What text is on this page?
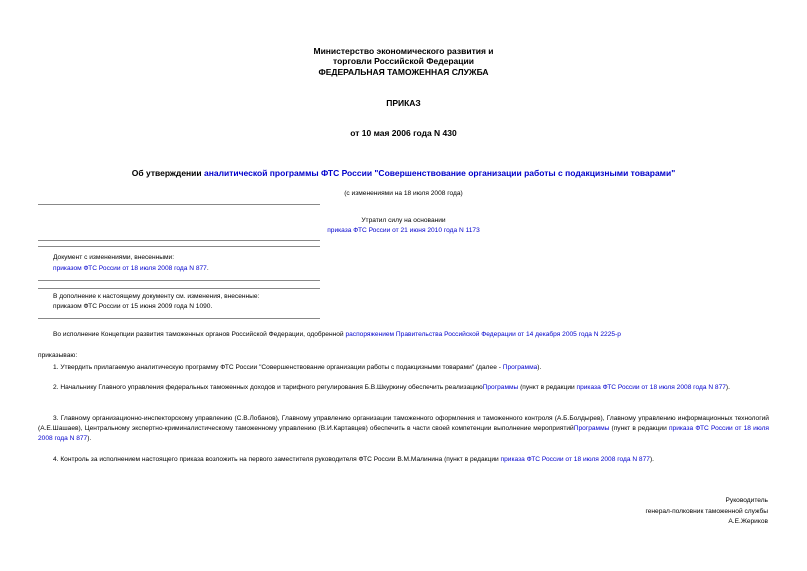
Министерство экономического развития и
торговли Российской Федерации
ФЕДЕРАЛЬНАЯ ТАМОЖЕННАЯ СЛУЖБА
ПРИКАЗ
от 10 мая 2006 года N 430
Об утверждении аналитической программы ФТС России "Совершенствование организации работы с подакцизными товарами"
(с изменениями на 18 июля 2008 года)
Утратил силу на основании
приказа ФТС России от 21 июня 2010 года N 1173
Документ с изменениями, внесенными:
приказом ФТС России от 18 июля 2008 года N 877.
В дополнение к настоящему документу см. изменения, внесенные:
приказом ФТС России от 15 июня 2009 года N 1090.
Во исполнение Концепции развития таможенных органов Российской Федерации, одобренной распоряжением Правительства Российской Федерации от 14 декабря 2005 года N 2225-р
приказываю:
1. Утвердить прилагаемую аналитическую программу ФТС России "Совершенствование организации работы с подакцизными товарами" (далее - Программа).
2. Начальнику Главного управления федеральных таможенных доходов и тарифного регулирования Б.В.Шкуркину обеспечить реализациюПрограммы (пункт в редакции приказа ФТС России от 18 июля 2008 года N 877).
3. Главному организационно-инспекторскому управлению (С.В.Лобанов), Главному управлению организации таможенного оформления и таможенного контроля (А.Б.Болдырев), Главному управлению информационных технологий (А.Е.Шашаев), Центральному экспертно-криминалистическому таможенному управлению (В.И.Картавцев) обеспечить в части своей компетенции выполнение мероприятийПрограммы (пункт в редакции приказа ФТС России от 18 июля 2008 года N 877).
4. Контроль за исполнением настоящего приказа возложить на первого заместителя руководителя ФТС России В.М.Малинина (пункт в редакции приказа ФТС России от 18 июля 2008 года N 877).
Руководитель
генерал-полковник таможенной службы
А.Е.Жериков
